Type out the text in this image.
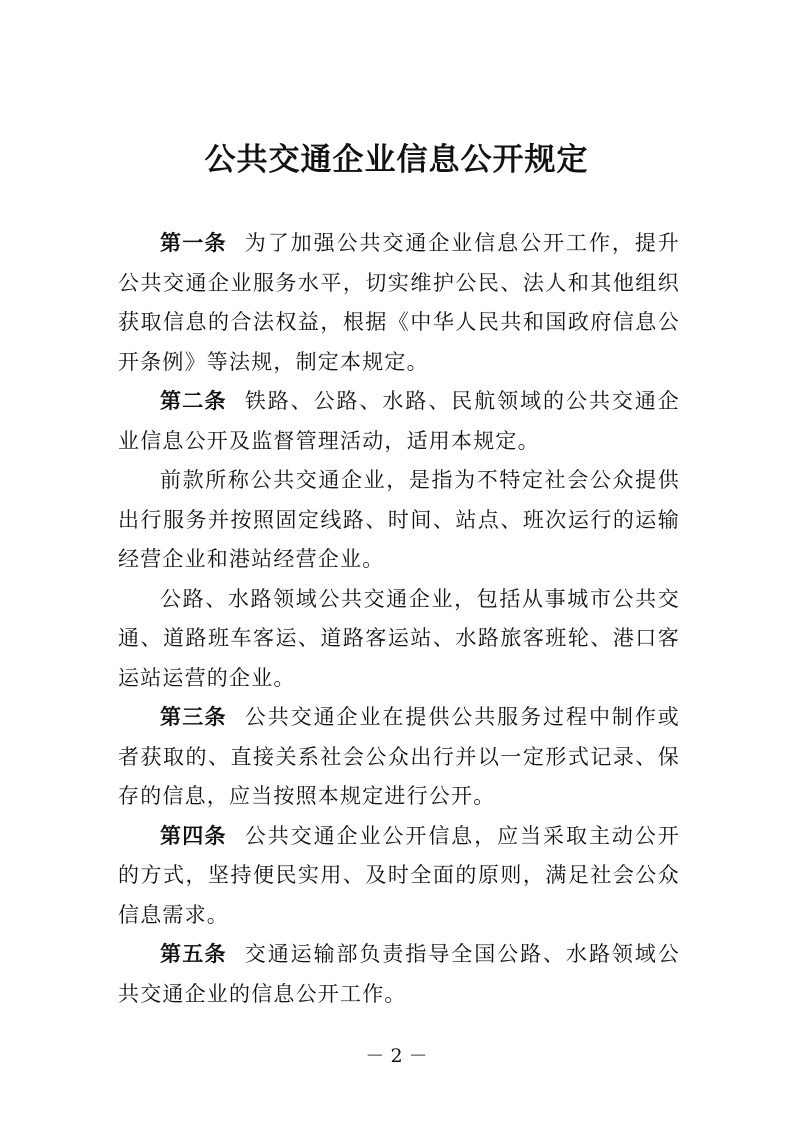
公共交通企业信息公开规定

第一条 为了加强公共交通企业信息公开工作，提升公共交通企业服务水平，切实维护公民、法人和其他组织获取信息的合法权益，根据《中华人民共和国政府信息公开条例》等法规，制定本规定。

第二条 铁路、公路、水路、民航领域的公共交通企业信息公开及监督管理活动，适用本规定。

前款所称公共交通企业，是指为不特定社会公众提供出行服务并按照固定线路、时间、站点、班次运行的运输经营企业和港站经营企业。

公路、水路领域公共交通企业，包括从事城市公共交通、道路班车客运、道路客运站、水路旅客班轮、港口客运站运营的企业。

第三条 公共交通企业在提供公共服务过程中制作或者获取的、直接关系社会公众出行并以一定形式记录、保存的信息，应当按照本规定进行公开。

第四条 公共交通企业公开信息，应当采取主动公开的方式，坚持便民实用、及时全面的原则，满足社会公众信息需求。

第五条 交通运输部负责指导全国公路、水路领域公共交通企业的信息公开工作。

－ 2 －
